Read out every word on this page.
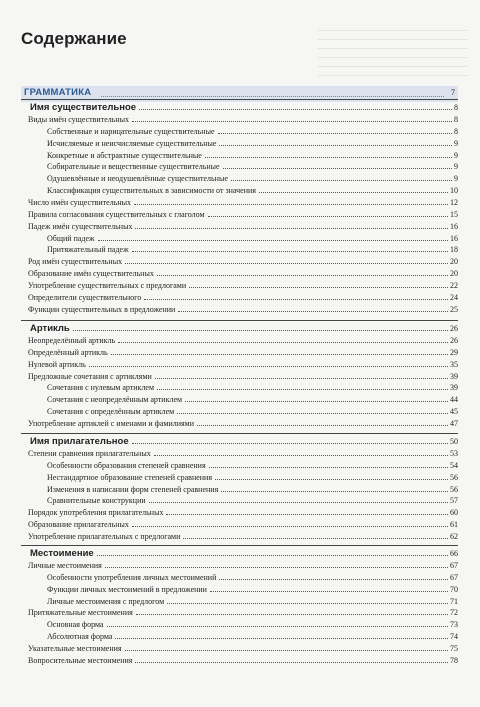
Содержание
ГРАММАТИКА	7
Имя существительное	8
Виды имён существительных	8
Собственные и нарицательные существительные	8
Исчисляемые и неисчисляемые существительные	9
Конкретные и абстрактные существительные	9
Собирательные и вещественные существительные	9
Одушевлённые и неодушевлённые существительные	9
Классификация существительных в зависимости от значения	10
Число имён существительных	12
Правила согласования существительных с глаголом	15
Падеж имён существительных	16
Общий падеж	16
Притяжательный падеж	18
Род имён существительных	20
Образование имён существительных	20
Употребление существительных с предлогами	22
Определители существительного	24
Функции существительных в предложении	25
Артикль	26
Неопределённый артикль	26
Определённый артикль	29
Нулевой артикль	35
Предложные сочетания с артиклями	39
Сочетания с нулевым артиклем	39
Сочетания с неопределённым артиклем	44
Сочетания с определённым артиклем	45
Употребление артиклей с именами и фамилиями	47
Имя прилагательное	50
Степени сравнения прилагательных	53
Особенности образования степеней сравнения	54
Нестандартное образование степеней сравнения	56
Изменения в написании форм степеней сравнения	56
Сравнительные конструкции	57
Порядок употребления прилагательных	60
Образование прилагательных	61
Употребление прилагательных с предлогами	62
Местоимение	66
Личные местоимения	67
Особенности употребления личных местоимений	67
Функции личных местоимений в предложении	70
Личные местоимения с предлогом	71
Притяжательные местоимения	72
Основная форма	73
Абсолютная форма	74
Указательные местоимения	75
Вопросительные местоимения	78
